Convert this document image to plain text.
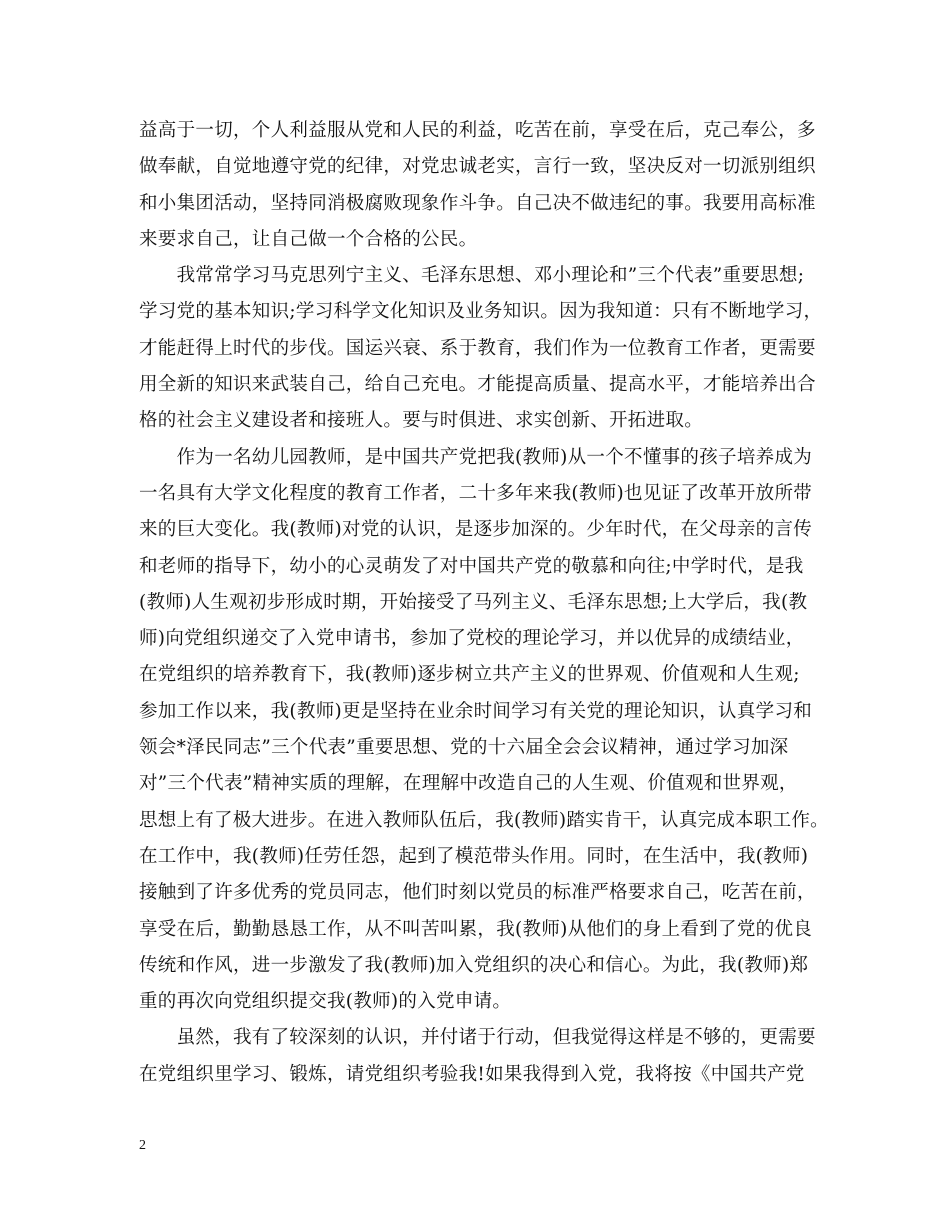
益高于一切，个人利益服从党和人民的利益，吃苦在前，享受在后，克己奉公，多
做奉献，自觉地遵守党的纪律，对党忠诚老实，言行一致，坚决反对一切派别组织
和小集团活动，坚持同消极腐败现象作斗争。自己决不做违纪的事。我要用高标准
来要求自己，让自己做一个合格的公民。
　　我常常学习马克思列宁主义、毛泽东思想、邓小理论和”三个代表”重要思想;
学习党的基本知识;学习科学文化知识及业务知识。因为我知道：只有不断地学习，
才能赶得上时代的步伐。国运兴衰、系于教育，我们作为一位教育工作者，更需要
用全新的知识来武装自己，给自己充电。才能提高质量、提高水平，才能培养出合
格的社会主义建设者和接班人。要与时俱进、求实创新、开拓进取。
　　作为一名幼儿园教师，是中国共产党把我(教师)从一个不懂事的孩子培养成为
一名具有大学文化程度的教育工作者，二十多年来我(教师)也见证了改革开放所带
来的巨大变化。我(教师)对党的认识，是逐步加深的。少年时代，在父母亲的言传
和老师的指导下，幼小的心灵萌发了对中国共产党的敬慕和向往;中学时代，是我
(教师)人生观初步形成时期，开始接受了马列主义、毛泽东思想;上大学后，我(教
师)向党组织递交了入党申请书，参加了党校的理论学习，并以优异的成绩结业，
在党组织的培养教育下，我(教师)逐步树立共产主义的世界观、价值观和人生观;
参加工作以来，我(教师)更是坚持在业余时间学习有关党的理论知识，认真学习和
领会*泽民同志”三个代表”重要思想、党的十六届全会会议精神，通过学习加深
对”三个代表”精神实质的理解，在理解中改造自己的人生观、价值观和世界观，
思想上有了极大进步。在进入教师队伍后，我(教师)踏实肯干，认真完成本职工作。
在工作中，我(教师)任劳任怨，起到了模范带头作用。同时，在生活中，我(教师)
接触到了许多优秀的党员同志，他们时刻以党员的标准严格要求自己，吃苦在前，
享受在后，勤勤恳恳工作，从不叫苦叫累，我(教师)从他们的身上看到了党的优良
传统和作风，进一步激发了我(教师)加入党组织的决心和信心。为此，我(教师)郑
重的再次向党组织提交我(教师)的入党申请。
　　虽然，我有了较深刻的认识，并付诸于行动，但我觉得这样是不够的，更需要
在党组织里学习、锻炼，请党组织考验我!如果我得到入党，我将按《中国共产党
2
